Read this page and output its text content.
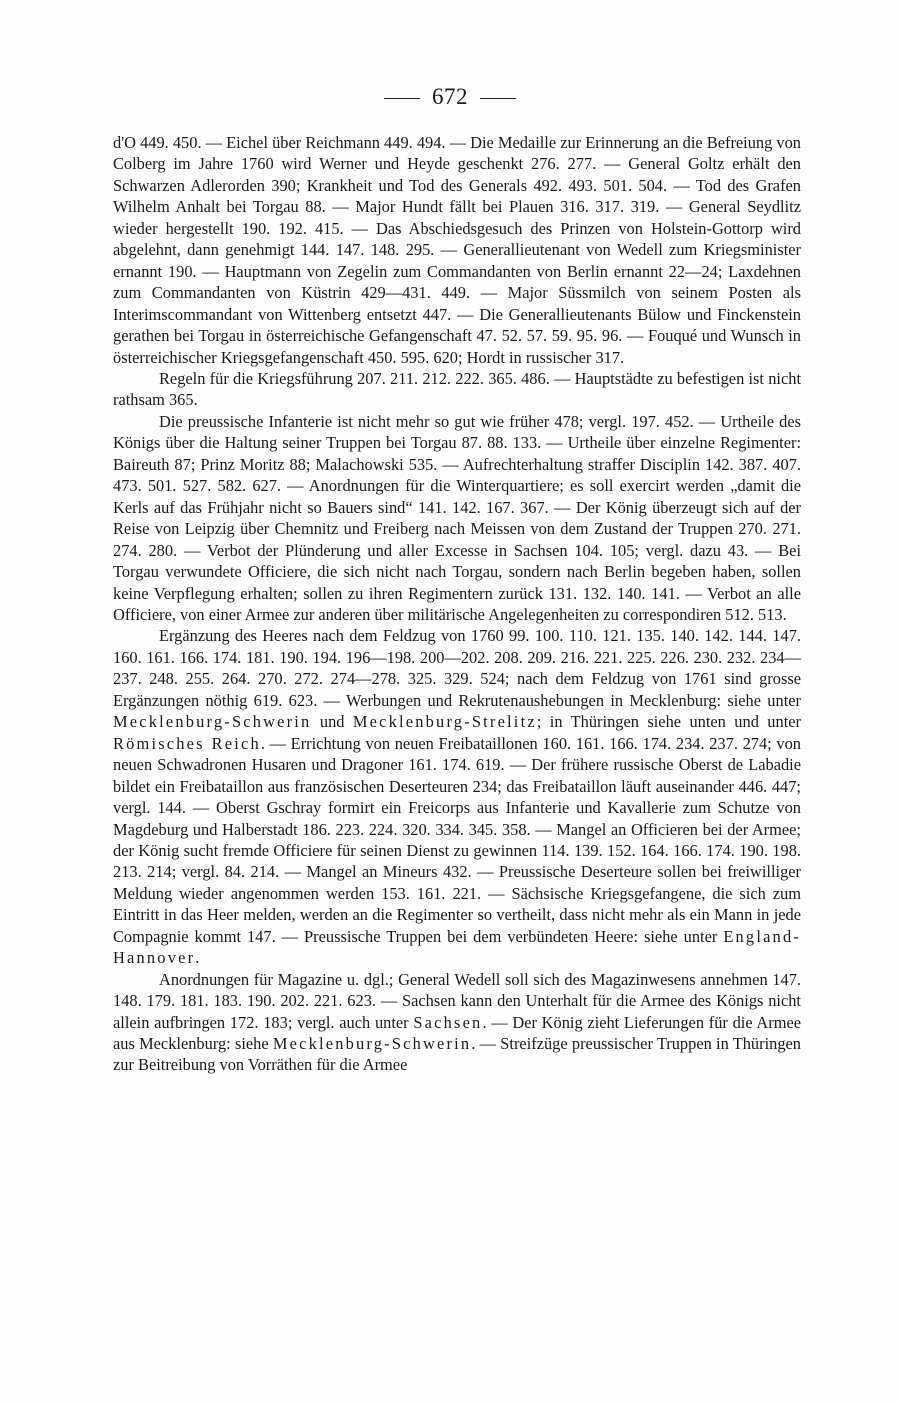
672

d'O 449. 450. — Eichel über Reichmann 449. 494. — Die Medaille zur Erinnerung an die Befreiung von Colberg im Jahre 1760 wird Werner und Heyde geschenkt 276. 277. — General Goltz erhält den Schwarzen Adlerorden 390; Krankheit und Tod des Generals 492. 493. 501. 504. — Tod des Grafen Wilhelm Anhalt bei Torgau 88. — Major Hundt fällt bei Plauen 316. 317. 319. — General Seydlitz wieder hergestellt 190. 192. 415. — Das Abschiedsgesuch des Prinzen von Holstein-Gottorp wird abgelehnt, dann genehmigt 144. 147. 148. 295. — Generallieutenant von Wedell zum Kriegsminister ernannt 190. — Hauptmann von Zegelin zum Commandanten von Berlin ernannt 22—24; Laxdehnen zum Commandanten von Küstrin 429—431. 449. — Major Süssmilch von seinem Posten als Interimscommandant von Wittenberg entsetzt 447. — Die Generallieutenants Bülow und Finckenstein gerathen bei Torgau in österreichische Gefangenschaft 47. 52. 57. 59. 95. 96. — Fouqué und Wunsch in österreichischer Kriegsgefangenschaft 450. 595. 620; Hordt in russischer 317.

Regeln für die Kriegsführung 207. 211. 212. 222. 365. 486. — Hauptstädte zu befestigen ist nicht rathsam 365.

Die preussische Infanterie ist nicht mehr so gut wie früher 478; vergl. 197. 452. — Urtheile des Königs über die Haltung seiner Truppen bei Torgau 87. 88. 133. — Urtheile über einzelne Regimenter: Baireuth 87; Prinz Moritz 88; Malachowski 535. — Aufrechterhaltung straffer Disciplin 142. 387. 407. 473. 501. 527. 582. 627. — Anordnungen für die Winterquartiere; es soll exercirt werden „damit die Kerls auf das Frühjahr nicht so Bauers sind“ 141. 142. 167. 367. — Der König überzeugt sich auf der Reise von Leipzig über Chemnitz und Freiberg nach Meissen von dem Zustand der Truppen 270. 271. 274. 280. — Verbot der Plünderung und aller Excesse in Sachsen 104. 105; vergl. dazu 43. — Bei Torgau verwundete Officiere, die sich nicht nach Torgau, sondern nach Berlin begeben haben, sollen keine Verpflegung erhalten; sollen zu ihren Regimentern zurück 131. 132. 140. 141. — Verbot an alle Officiere, von einer Armee zur anderen über militärische Angelegenheiten zu correspondiren 512. 513.

Ergänzung des Heeres nach dem Feldzug von 1760 99. 100. 110. 121. 135. 140. 142. 144. 147. 160. 161. 166. 174. 181. 190. 194. 196—198. 200—202. 208. 209. 216. 221. 225. 226. 230. 232. 234—237. 248. 255. 264. 270. 272. 274—278. 325. 329. 524; nach dem Feldzug von 1761 sind grosse Ergänzungen nöthig 619. 623. — Werbungen und Rekrutenaushebungen in Mecklenburg: siehe unter Mecklenburg-Schwerin und Mecklenburg-Strelitz; in Thüringen siehe unten und unter Römisches Reich. — Errichtung von neuen Freibataillonen 160. 161. 166. 174. 234. 237. 274; von neuen Schwadronen Husaren und Dragoner 161. 174. 619. — Der frühere russische Oberst de Labadie bildet ein Freibataillon aus französischen Deserteuren 234; das Freibataillon läuft auseinander 446. 447; vergl. 144. — Oberst Gschray formirt ein Freicorps aus Infanterie und Kavallerie zum Schutze von Magdeburg und Halberstadt 186. 223. 224. 320. 334. 345. 358. — Mangel an Officieren bei der Armee; der König sucht fremde Officiere für seinen Dienst zu gewinnen 114. 139. 152. 164. 166. 174. 190. 198. 213. 214; vergl. 84. 214. — Mangel an Mineurs 432. — Preussische Deserteure sollen bei freiwilliger Meldung wieder angenommen werden 153. 161. 221. — Sächsische Kriegsgefangene, die sich zum Eintritt in das Heer melden, werden an die Regimenter so vertheilt, dass nicht mehr als ein Mann in jede Compagnie kommt 147. — Preussische Truppen bei dem verbündeten Heere: siehe unter England-Hannover.

Anordnungen für Magazine u. dgl.; General Wedell soll sich des Magazinwesens annehmen 147. 148. 179. 181. 183. 190. 202. 221. 623. — Sachsen kann den Unterhalt für die Armee des Königs nicht allein aufbringen 172. 183; vergl. auch unter Sachsen. — Der König zieht Lieferungen für die Armee aus Mecklenburg: siehe Mecklenburg-Schwerin. — Streifzüge preussischer Truppen in Thüringen zur Beitreibung von Vorräthen für die Armee
